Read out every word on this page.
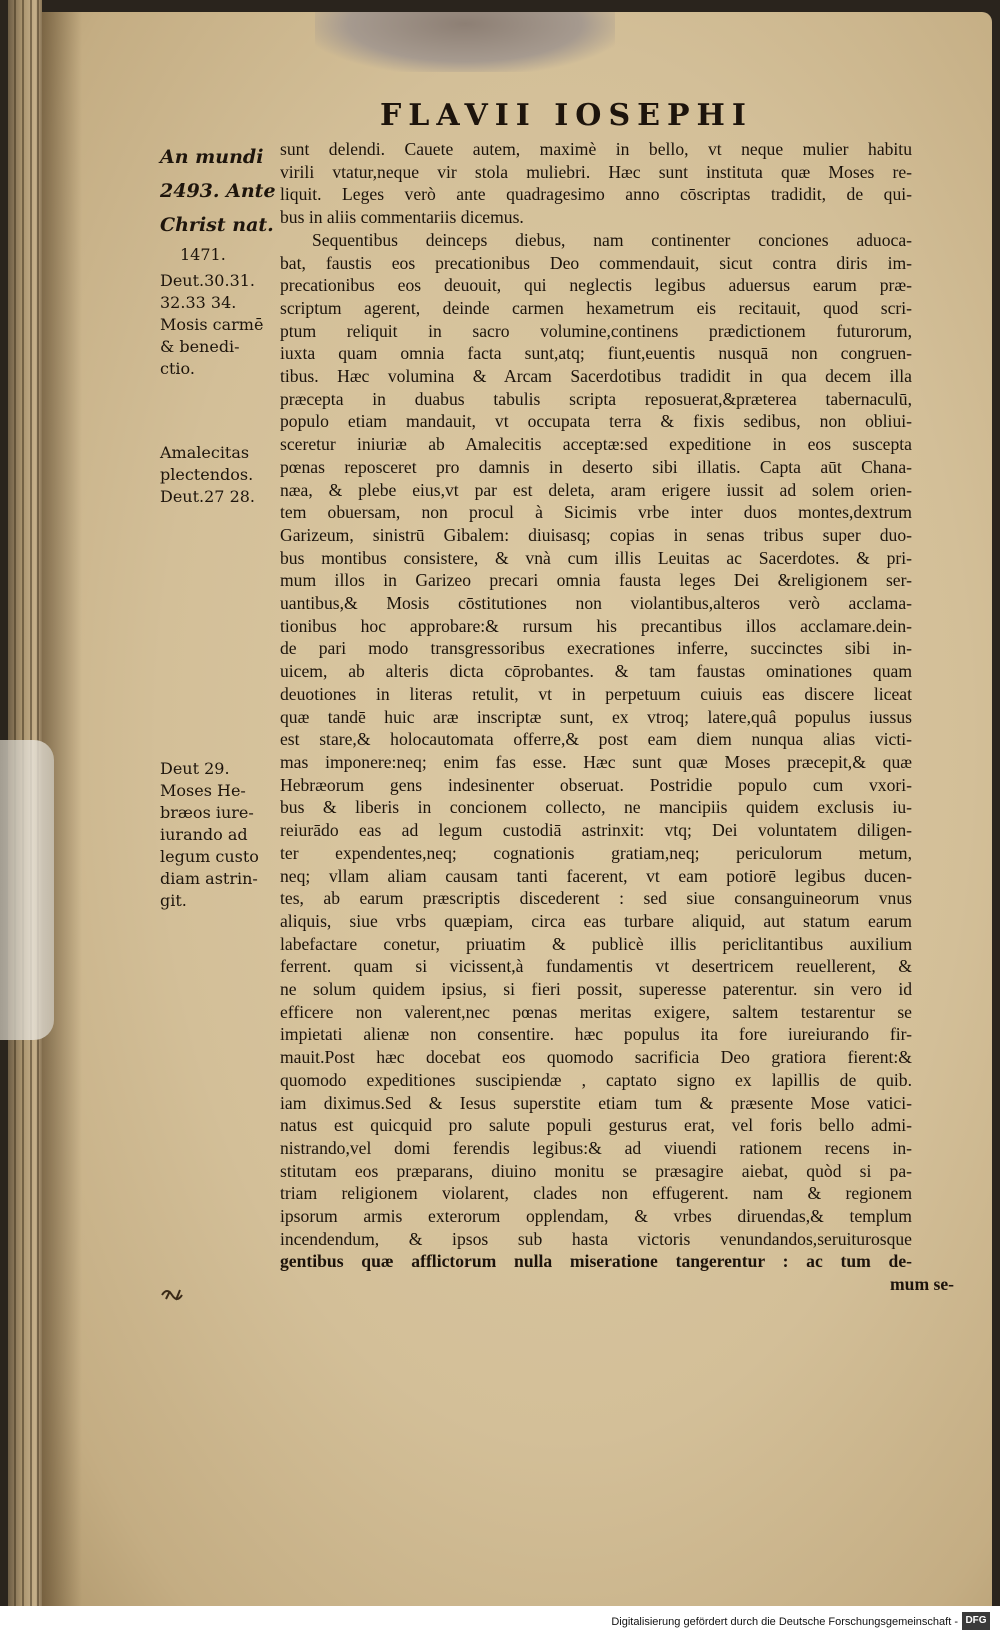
FLAVII IOSEPHI

An mundi
2493. Ante
Christ nat.

1471.

Deut.30.31.
32.33 34.
Mosis carmē
& benedi-
ctio.

Amalecitas
plectendos.
Deut.27 28.

Deut 29.
Moses He-
bræos iure-
iurando ad
legum custo
diam astrin-
git.

sunt delendi. Cauete autem, maximè in bello, vt neque mulier habitu
virili vtatur,neque vir stola muliebri. Hæc sunt instituta quæ Moses re-
liquit. Leges verò ante quadragesimo anno cōscriptas tradidit, de qui-
bus in aliis commentariis dicemus.
Sequentibus deinceps diebus, nam continenter conciones aduoca-
bat, faustis eos precationibus Deo commendauit, sicut contra diris im-
precationibus eos deuouit, qui neglectis legibus aduersus earum præ-
scriptum agerent, deinde carmen hexametrum eis recitauit, quod scri-
ptum reliquit in sacro volumine,continens prædictionem futurorum,
iuxta quam omnia facta sunt,atq; fiunt,euentis nusquā non congruen-
tibus. Hæc volumina & Arcam Sacerdotibus tradidit in qua decem illa
præcepta in duabus tabulis scripta reposuerat,&præterea tabernaculū,
populo etiam mandauit, vt occupata terra & fixis sedibus, non obliui-
sceretur iniuriæ ab Amalecitis acceptæ:sed expeditione in eos suscepta
pœnas reposceret pro damnis in deserto sibi illatis. Capta aūt Chana-
næa, & plebe eius,vt par est deleta, aram erigere iussit ad solem orien-
tem obuersam, non procul à Sicimis vrbe inter duos montes,dextrum
Garizeum, sinistrū Gibalem: diuisasq; copias in senas tribus super duo-
bus montibus consistere, & vnà cum illis Leuitas ac Sacerdotes. & pri-
mum illos in Garizeo precari omnia fausta leges Dei &religionem ser-
uantibus,& Mosis cōstitutiones non violantibus,alteros verò acclama-
tionibus hoc approbare:& rursum his precantibus illos acclamare.dein-
de pari modo transgressoribus execrationes inferre, succinctes sibi in-
uicem, ab alteris dicta cōprobantes. & tam faustas ominationes quam
deuotiones in literas retulit, vt in perpetuum cuiuis eas discere liceat
quæ tandē huic aræ inscriptæ sunt, ex vtroq; latere,quâ populus iussus
est stare,& holocautomata offerre,& post eam diem nunqua alias victi-
mas imponere:neq; enim fas esse. Hæc sunt quæ Moses præcepit,& quæ
Hebræorum gens indesinenter obseruat. Postridie populo cum vxori-
bus & liberis in concionem collecto, ne mancipiis quidem exclusis iu-
reiurādo eas ad legum custodiā astrinxit: vtq; Dei voluntatem diligen-
ter expendentes,neq; cognationis gratiam,neq; periculorum metum,
neq; vllam aliam causam tanti facerent, vt eam potiorē legibus ducen-
tes, ab earum præscriptis discederent : sed siue consanguineorum vnus
aliquis, siue vrbs quæpiam, circa eas turbare aliquid, aut statum earum
labefactare conetur, priuatim & publicè illis periclitantibus auxilium
ferrent. quam si vicissent,à fundamentis vt desertricem reuellerent, &
ne solum quidem ipsius, si fieri possit, superesse paterentur. sin vero id
efficere non valerent,nec pœnas meritas exigere, saltem testarentur se
impietati alienæ non consentire. hæc populus ita fore iureiurando fir-
mauit.Post hæc docebat eos quomodo sacrificia Deo gratiora fierent:&
quomodo expeditiones suscipiendæ , captato signo ex lapillis de quib.
iam diximus.Sed & Iesus superstite etiam tum & præsente Mose vatici-
natus est quicquid pro salute populi gesturus erat, vel foris bello admi-
nistrando,vel domi ferendis legibus:& ad viuendi rationem recens in-
stitutam eos præparans, diuino monitu se præsagire aiebat, quòd si pa-
triam religionem violarent, clades non effugerent. nam & regionem
ipsorum armis exterorum opplendam, & vrbes diruendas,& templum
incendendum, & ipsos sub hasta victoris venundandos,seruiturosque
gentibus quæ afflictorum nulla miseratione tangerentur : ac tum de-
mum se-

Digitalisierung gefördert durch die Deutsche Forschungsgemeinschaft - DFG
